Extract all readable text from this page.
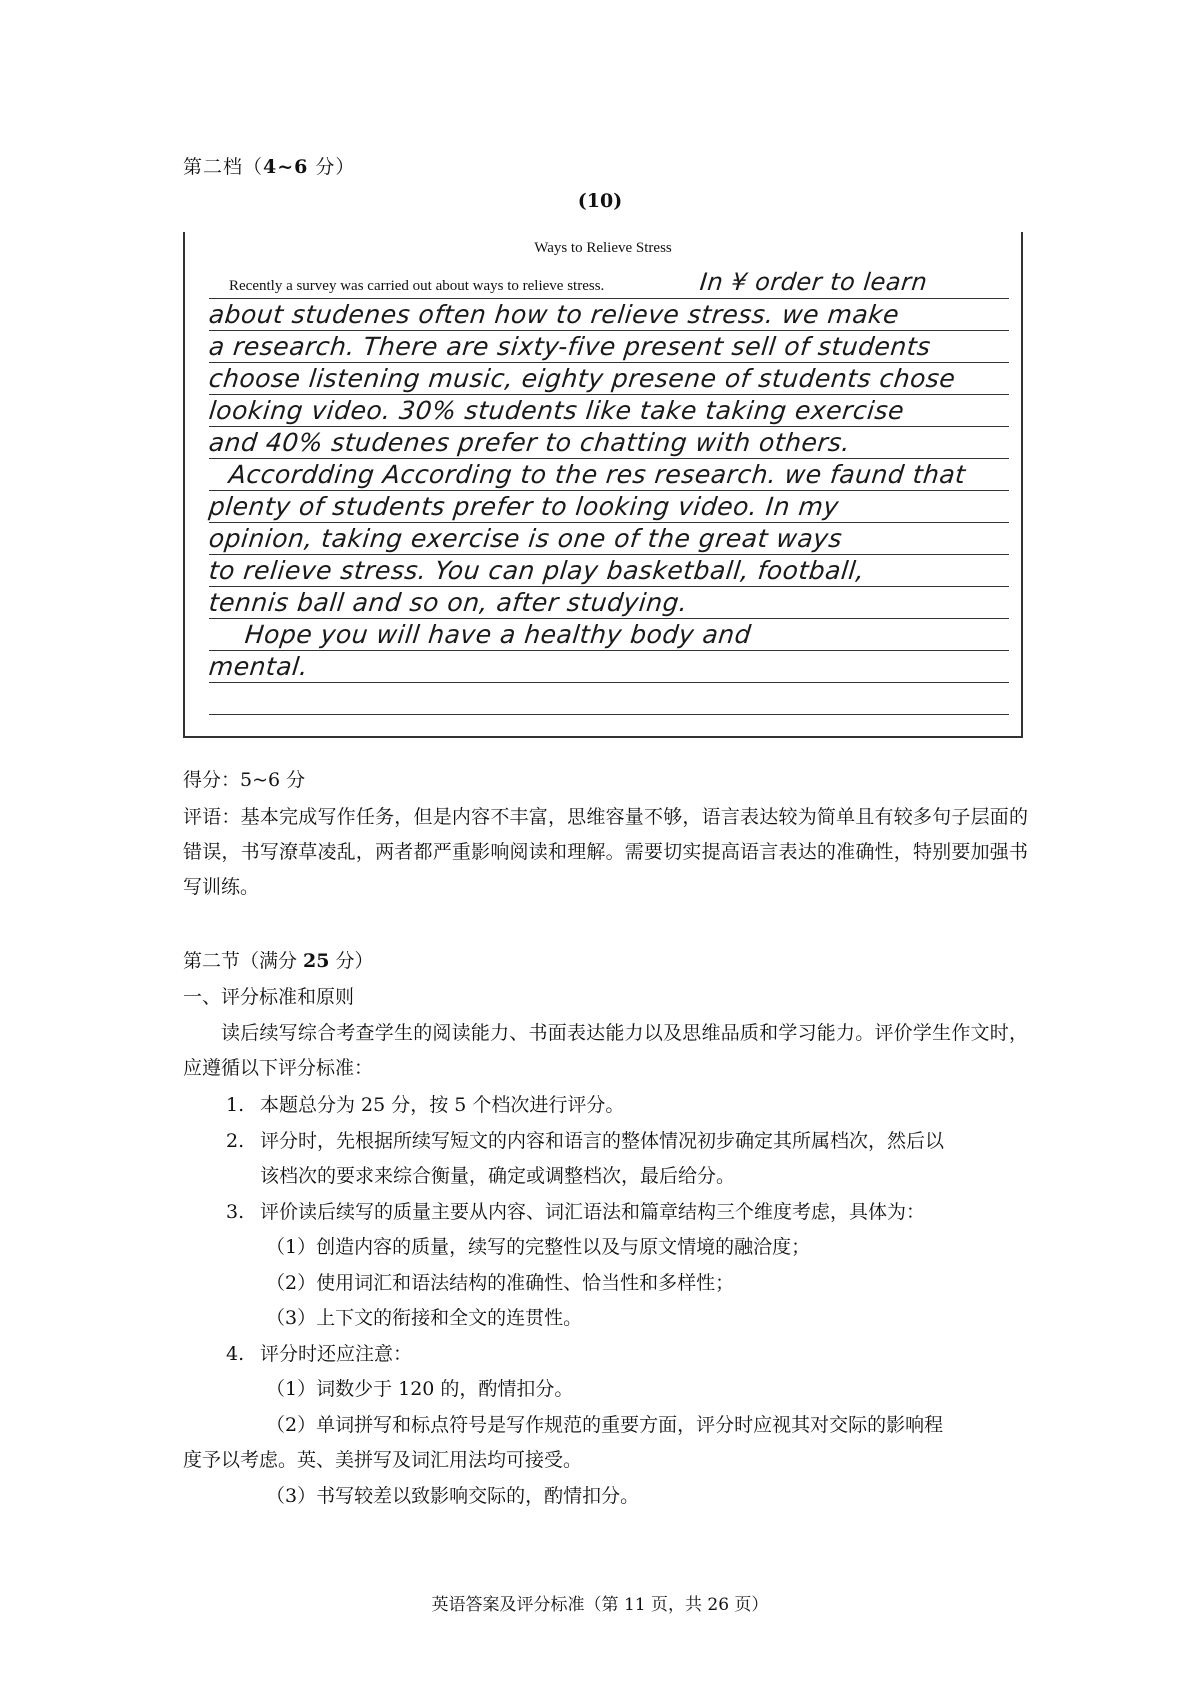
第二档（4~6 分）
(10)
Ways to Relieve Stress
Recently a survey was carried out about ways to relieve stress.	In ¥ order to learn
about studenes often how to relieve stress. we make
a research. There are sixty-five present sell of students
choose listening music, eighty presene of students chose
looking video. 30% students like take taking exercise
and 40% studenes prefer to chatting with others.
Accordding According to the res research. we faund that
plenty of students prefer to looking video. In my
opinion, taking exercise is one of the great ways
to relieve stress. You can play basketball, football,
tennis ball and so on, after studying.
Hope you will have a healthy body and
mental.
得分：5~6 分
评语：基本完成写作任务，但是内容不丰富，思维容量不够，语言表达较为简单且有较多句子层面的错误，书写潦草凌乱，两者都严重影响阅读和理解。需要切实提高语言表达的准确性，特别要加强书写训练。
第二节（满分 25 分）
一、评分标准和原则
读后续写综合考查学生的阅读能力、书面表达能力以及思维品质和学习能力。评价学生作文时，应遵循以下评分标准：
1. 本题总分为 25 分，按 5 个档次进行评分。
2. 评分时，先根据所续写短文的内容和语言的整体情况初步确定其所属档次，然后以
该档次的要求来综合衡量，确定或调整档次，最后给分。
3. 评价读后续写的质量主要从内容、词汇语法和篇章结构三个维度考虑，具体为：
（1）创造内容的质量，续写的完整性以及与原文情境的融洽度；
（2）使用词汇和语法结构的准确性、恰当性和多样性；
（3）上下文的衔接和全文的连贯性。
4. 评分时还应注意：
（1）词数少于 120 的，酌情扣分。
（2）单词拼写和标点符号是写作规范的重要方面，评分时应视其对交际的影响程
度予以考虑。英、美拼写及词汇用法均可接受。
（3）书写较差以致影响交际的，酌情扣分。
英语答案及评分标准（第 11 页，共 26 页）
